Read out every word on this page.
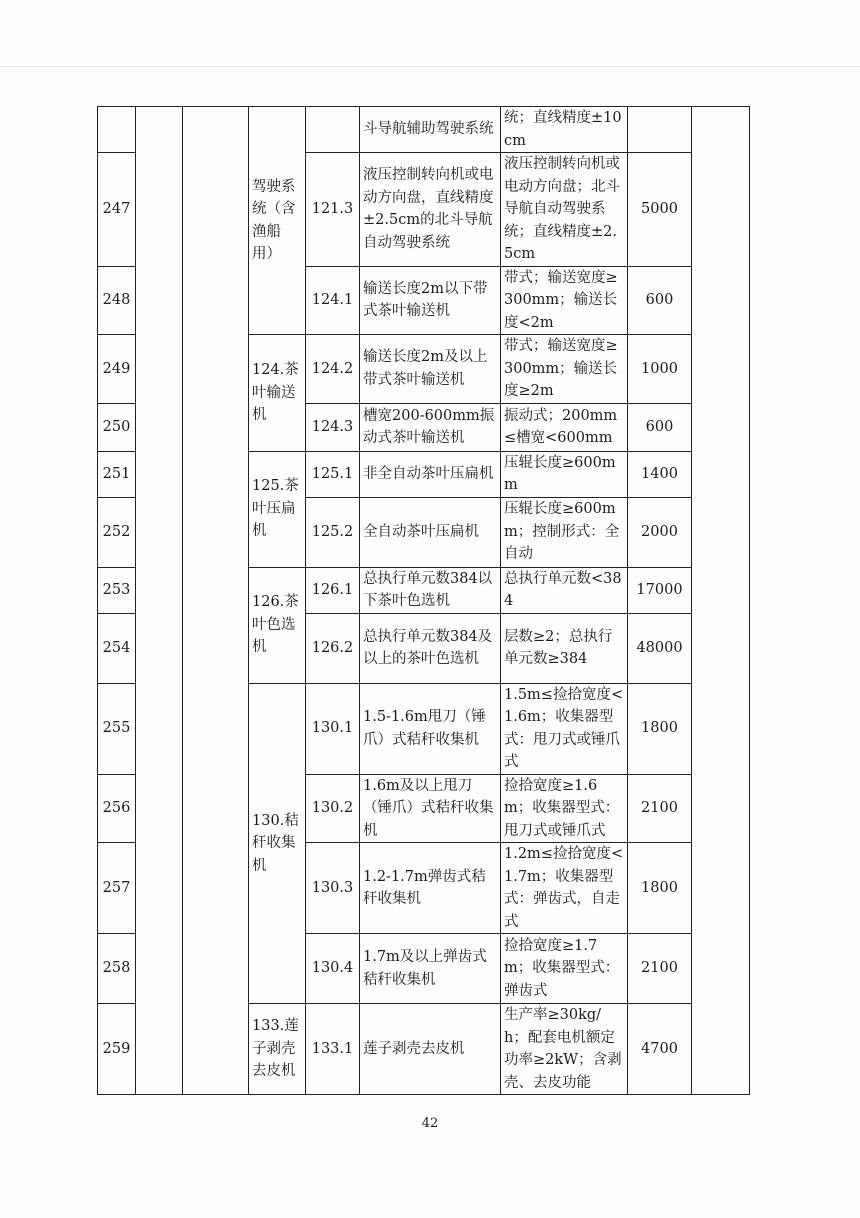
			驾驶系统（含渔船用）		斗导航辅助驾驶系统	统；直线精度±10cm		
247				121.3	液压控制转向机或电动方向盘，直线精度±2.5cm的北斗导航自动驾驶系统	液压控制转向机或电动方向盘；北斗导航自动驾驶系统；直线精度±2.5cm	5000	
248				124.1	输送长度2m以下带式茶叶输送机	带式；输送宽度≥300mm；输送长度<2m	600	
249			124.茶叶输送机	124.2	输送长度2m及以上带式茶叶输送机	带式；输送宽度≥300mm；输送长度≥2m	1000	
250				124.3	槽宽200-600mm振动式茶叶输送机	振动式；200mm≤槽宽<600mm	600	
251			125.茶叶压扁机	125.1	非全自动茶叶压扁机	压辊长度≥600mm	1400	
252				125.2	全自动茶叶压扁机	压辊长度≥600mm；控制形式：全自动	2000	
253			126.茶叶色选机	126.1	总执行单元数384以下茶叶色选机	总执行单元数<384	17000	
254				126.2	总执行单元数384及以上的茶叶色选机	层数≥2；总执行单元数≥384	48000	
255			130.秸秆收集机	130.1	1.5-1.6m甩刀（锤爪）式秸秆收集机	1.5m≤捡拾宽度<1.6m；收集器型式：甩刀式或锤爪式	1800	
256				130.2	1.6m及以上甩刀（锤爪）式秸秆收集机	捡拾宽度≥1.6m；收集器型式：甩刀式或锤爪式	2100	
257				130.3	1.2-1.7m弹齿式秸秆收集机	1.2m≤捡拾宽度<1.7m；收集器型式：弹齿式，自走式	1800	
258				130.4	1.7m及以上弹齿式秸秆收集机	捡拾宽度≥1.7m；收集器型式：弹齿式	2100	
259			133.莲子剥壳去皮机	133.1	莲子剥壳去皮机	生产率≥30kg/h；配套电机额定功率≥2kW；含剥壳、去皮功能	4700	
42
